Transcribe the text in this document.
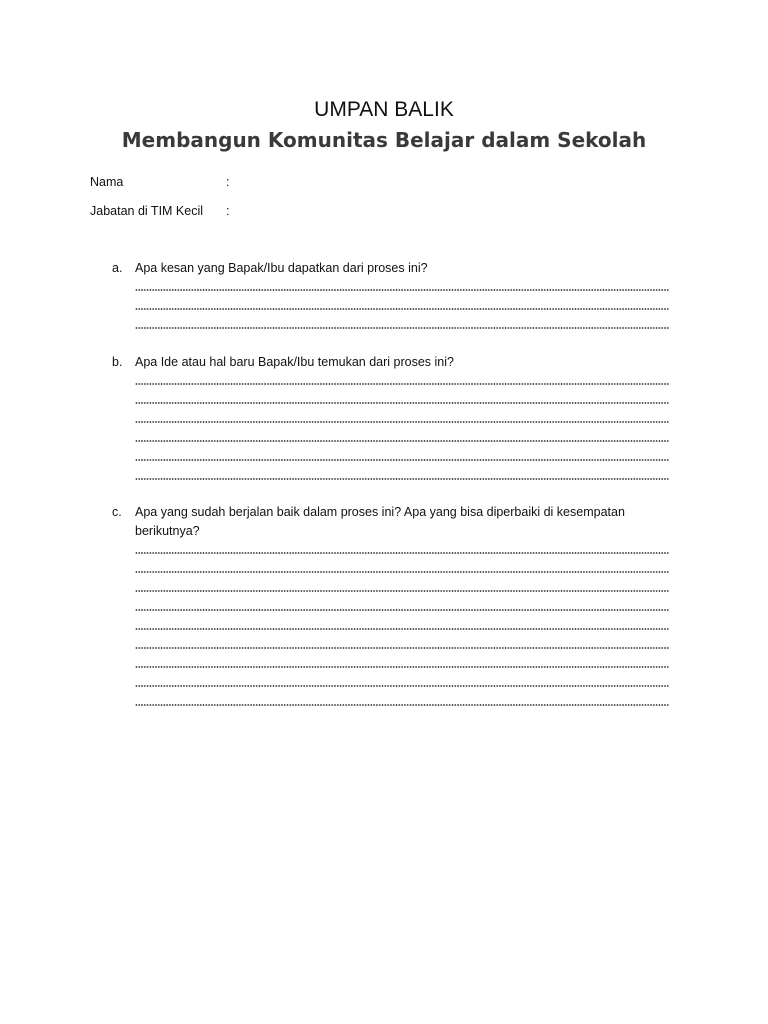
UMPAN BALIK
Membangun Komunitas Belajar dalam Sekolah
Nama	:
Jabatan di TIM Kecil :
a. Apa kesan yang Bapak/Ibu dapatkan dari proses ini?
b. Apa Ide atau hal baru Bapak/Ibu temukan dari proses ini?
c. Apa yang sudah berjalan baik dalam proses ini? Apa yang bisa diperbaiki di kesempatan berikutnya?
